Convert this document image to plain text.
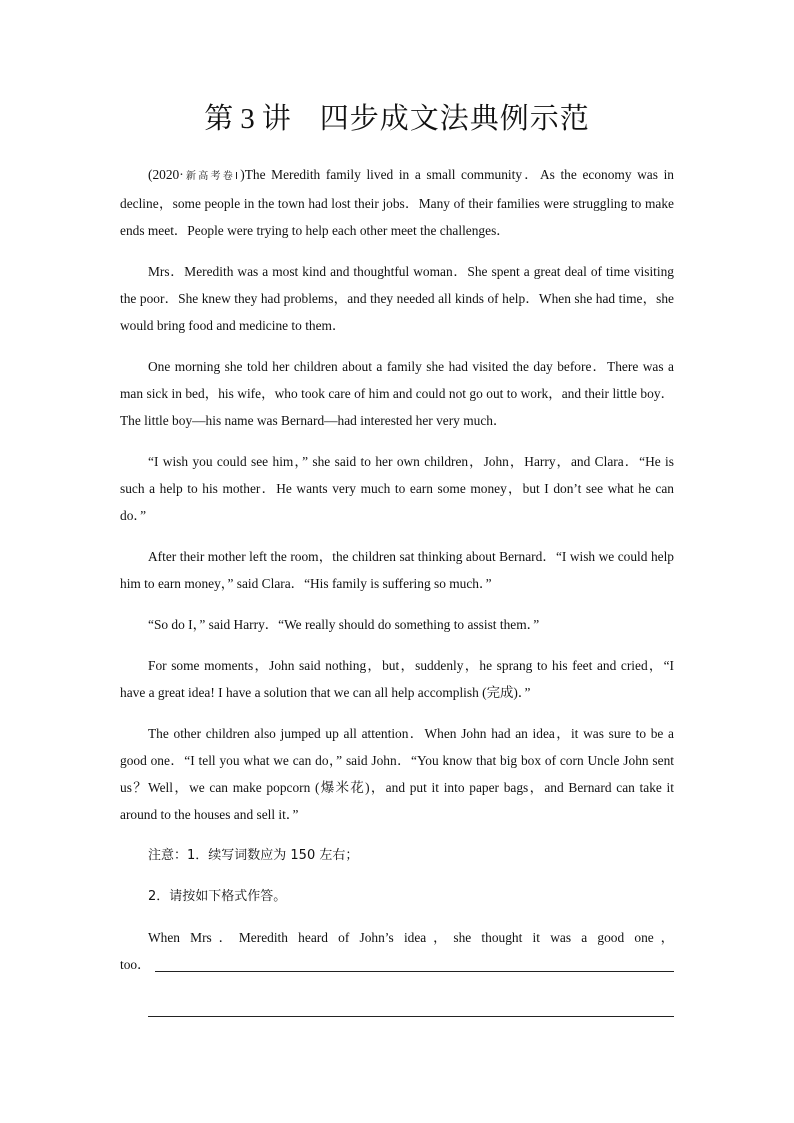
第 3 讲 四步成文法典例示范

(2020·新高考卷Ⅰ)The Meredith family lived in a small community．As the economy was in decline，some people in the town had lost their jobs．Many of their families were struggling to make ends meet．People were trying to help each other meet the challenges．

Mrs．Meredith was a most kind and thoughtful woman．She spent a great deal of time visiting the poor．She knew they had problems，and they needed all kinds of help．When she had time，she would bring food and medicine to them．

One morning she told her children about a family she had visited the day before．There was a man sick in bed，his wife，who took care of him and could not go out to work，and their little boy．The little boy—his name was Bernard—had interested her very much．

“I wish you could see him，” she said to her own children，John，Harry，and Clara．“He is such a help to his mother．He wants very much to earn some money，but I don’t see what he can do．”

After their mother left the room，the children sat thinking about Bernard．“I wish we could help him to earn money，” said Clara．“His family is suffering so much．”

“So do I，” said Harry．“We really should do something to assist them．”

For some moments，John said nothing，but，suddenly，he sprang to his feet and cried，“I have a great idea! I have a solution that we can all help accomplish (完成)．”

The other children also jumped up all attention．When John had an idea，it was sure to be a good one．“I tell you what we can do，” said John．“You know that big box of corn Uncle John sent us？Well，we can make popcorn (爆米花)，and put it into paper bags，and Bernard can take it around to the houses and sell it．”

注意：1．续写词数应为 150 左右；

2．请按如下格式作答。

When Mrs．Meredith heard of John’s idea，she thought it was a good one，

too．
